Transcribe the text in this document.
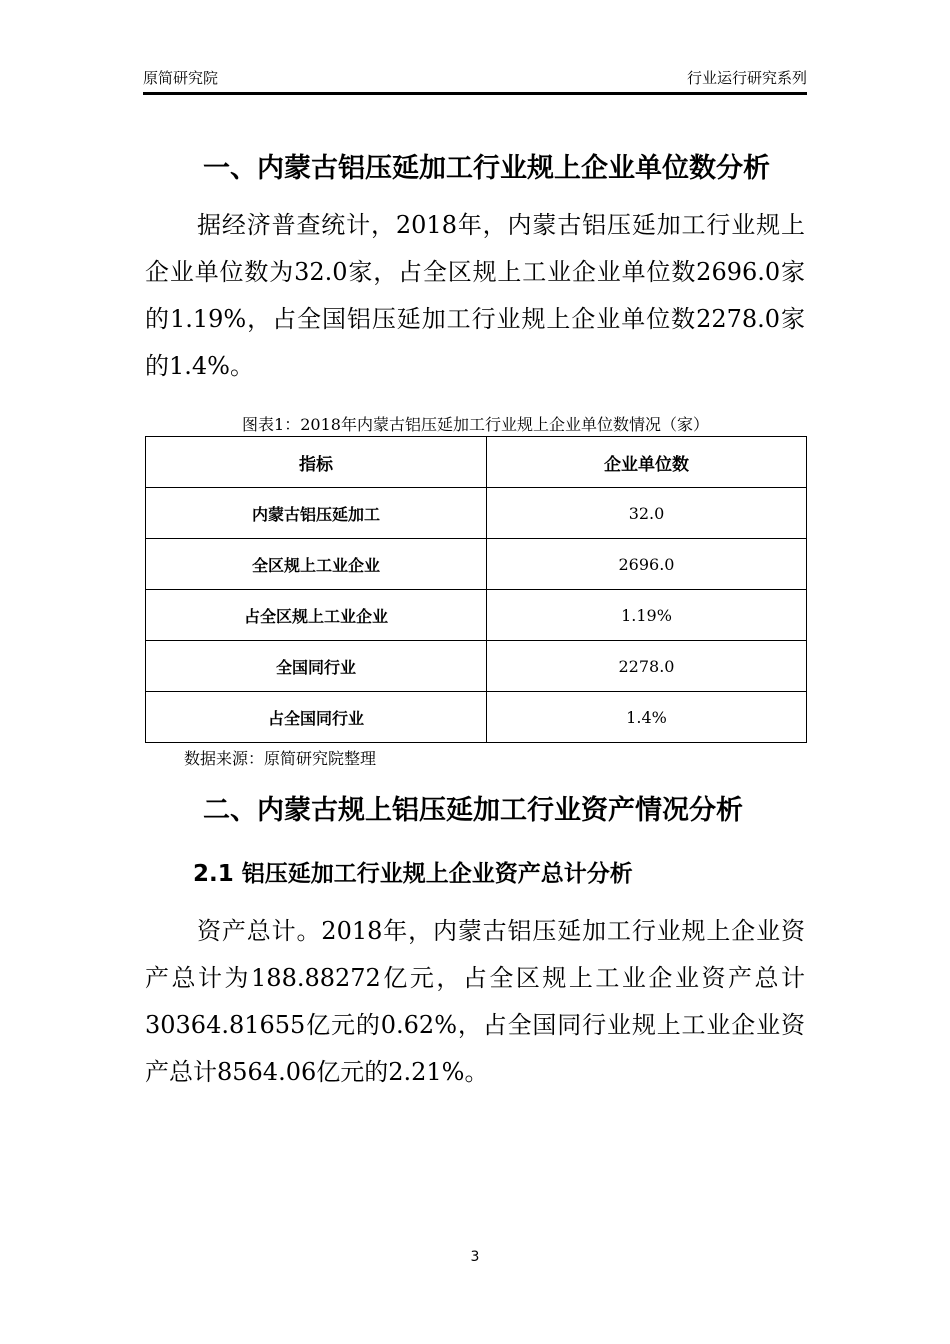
原简研究院	行业运行研究系列
一、内蒙古铝压延加工行业规上企业单位数分析

据经济普查统计，2018年，内蒙古铝压延加工行业规上企业单位数为32.0家，占全区规上工业企业单位数2696.0家的1.19%，占全国铝压延加工行业规上企业单位数2278.0家的1.4%。

图表1：2018年内蒙古铝压延加工行业规上企业单位数情况（家）
指标	企业单位数
内蒙古铝压延加工	32.0
全区规上工业企业	2696.0
占全区规上工业企业	1.19%
全国同行业	2278.0
占全国同行业	1.4%
数据来源：原简研究院整理
二、内蒙古规上铝压延加工行业资产情况分析
2.1 铝压延加工行业规上企业资产总计分析

资产总计。2018年，内蒙古铝压延加工行业规上企业资产总计为188.88272亿元，占全区规上工业企业资产总计30364.81655亿元的0.62%，占全国同行业规上工业企业资产总计8564.06亿元的2.21%。

3
